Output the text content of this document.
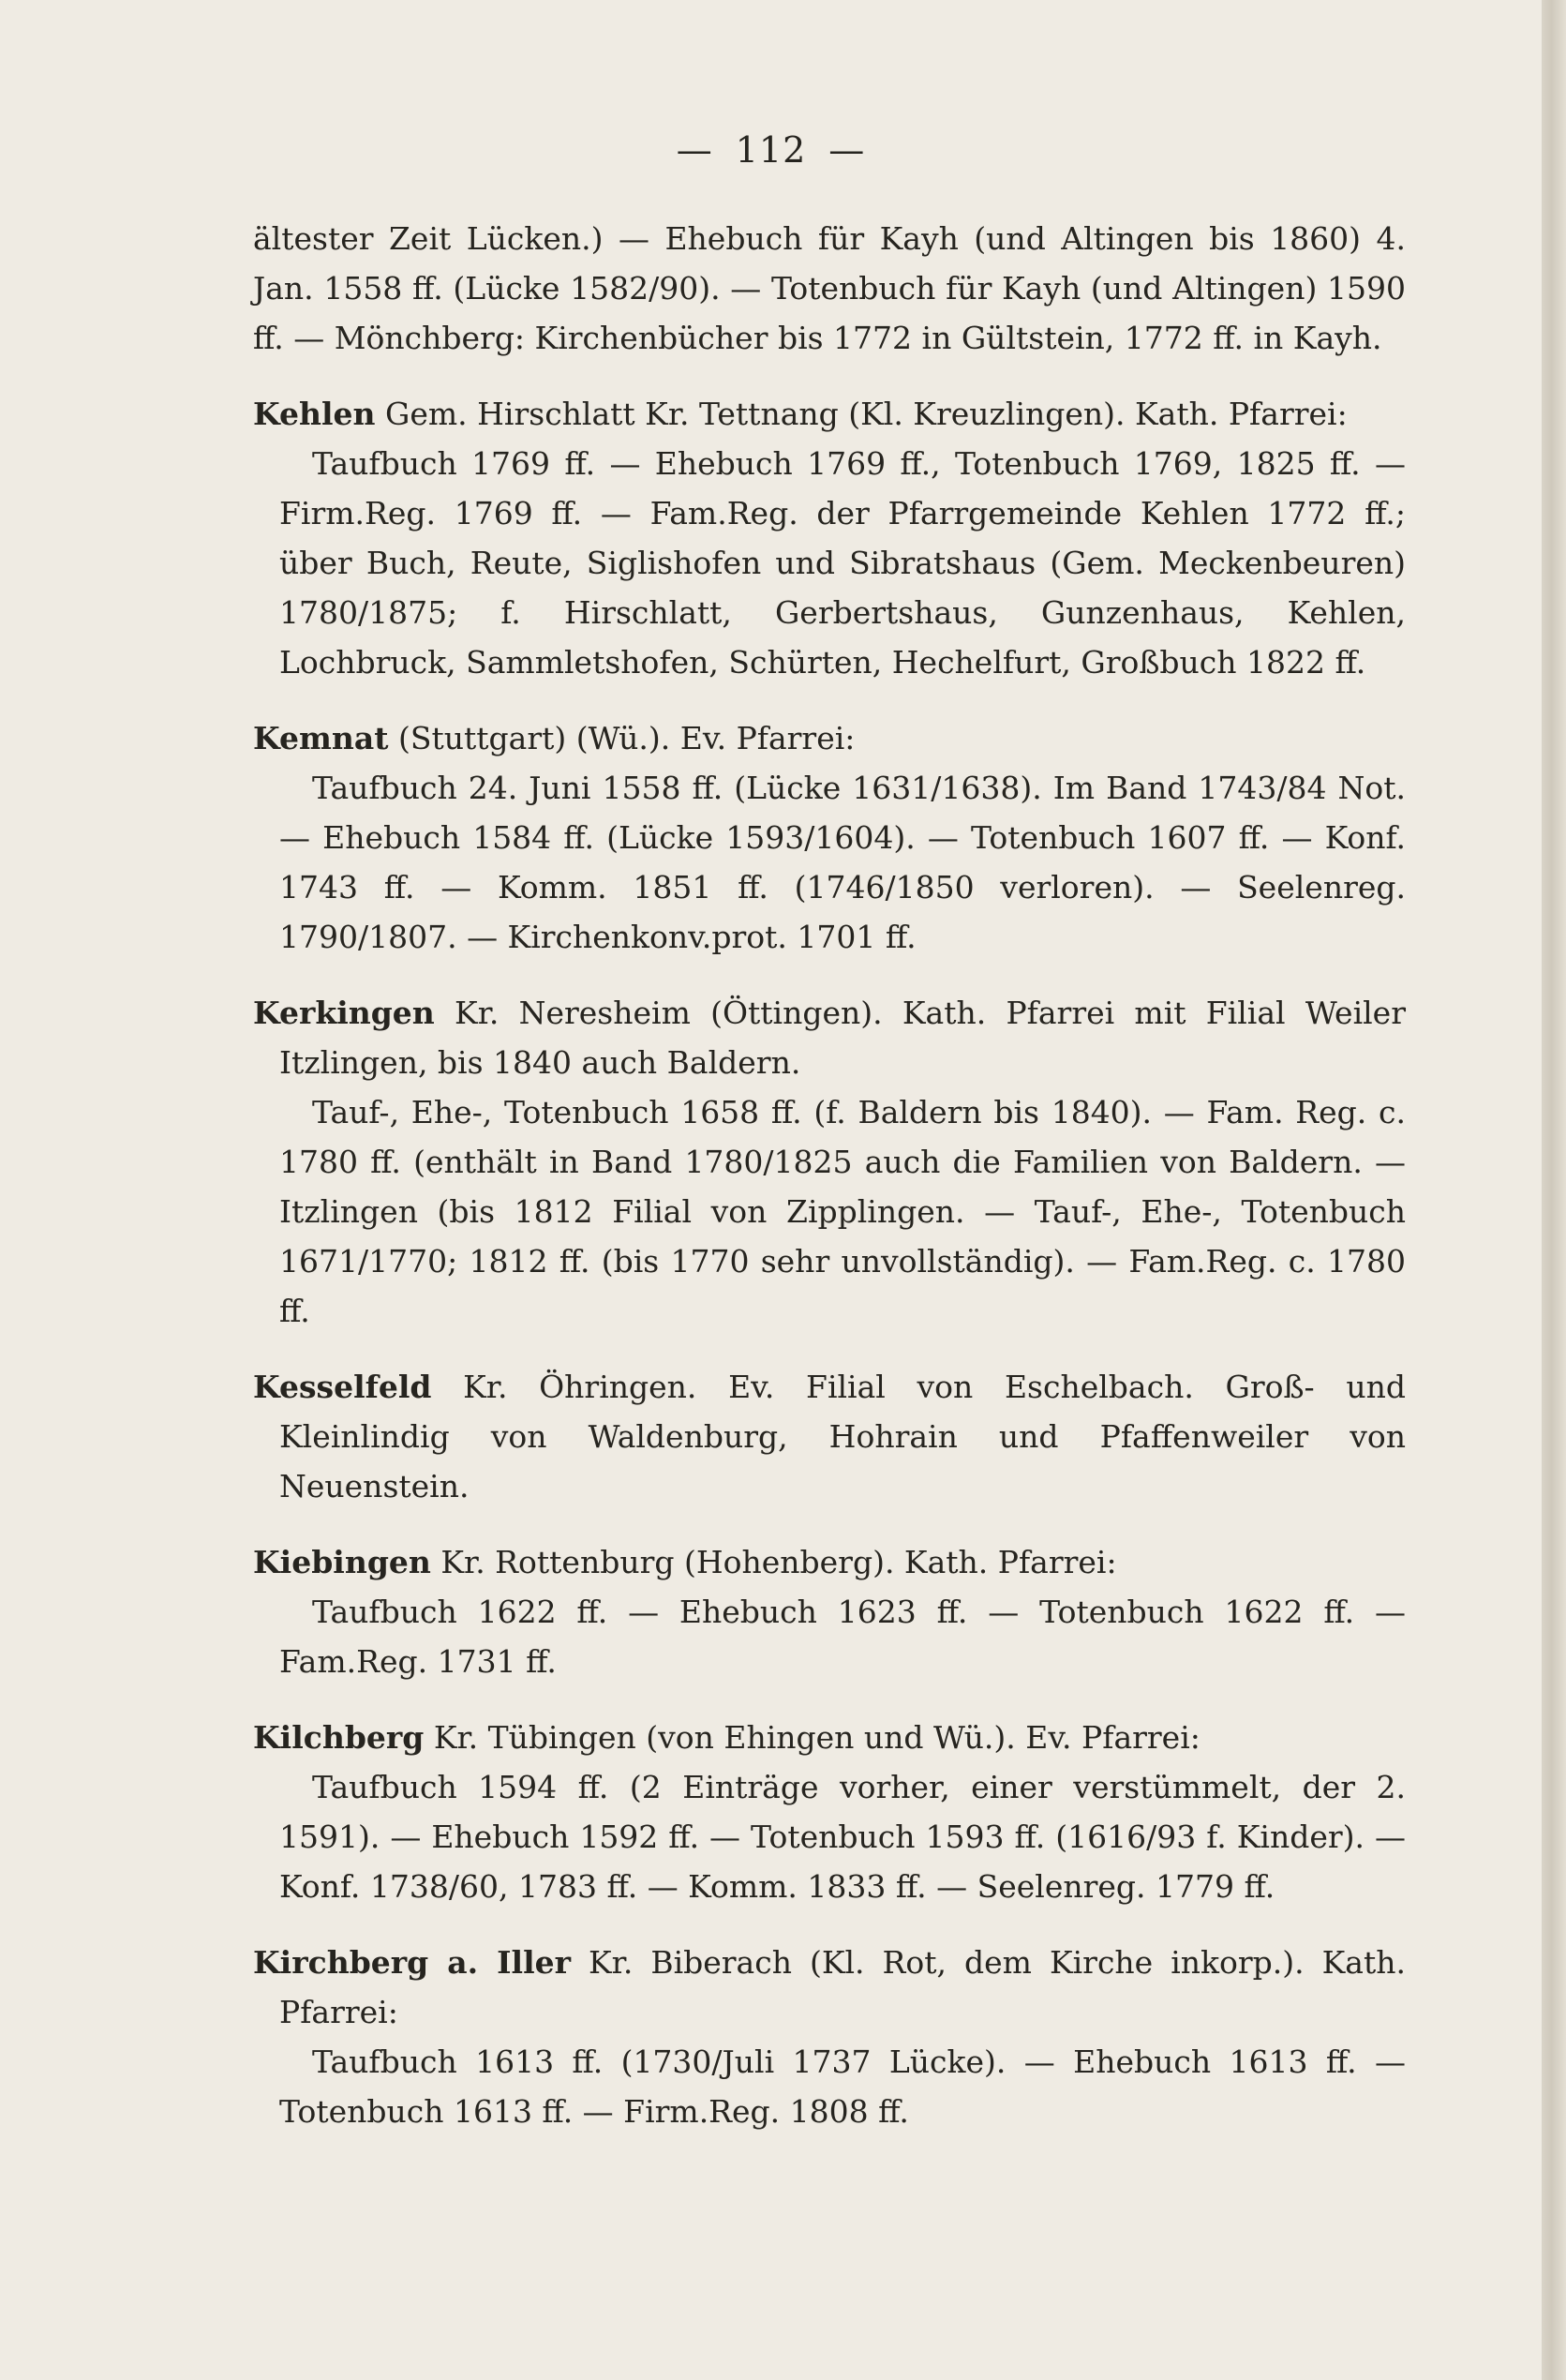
— 112 —

ältester Zeit Lücken.) — Ehebuch für Kayh (und Altingen bis 1860) 4. Jan. 1558 ff. (Lücke 1582/90). — Totenbuch für Kayh (und Altingen) 1590 ff. — Mönchberg: Kirchenbücher bis 1772 in Gültstein, 1772 ff. in Kayh.

Kehlen Gem. Hirschlatt Kr. Tettnang (Kl. Kreuzlingen). Kath. Pfarrei:
Taufbuch 1769 ff. — Ehebuch 1769 ff., Totenbuch 1769, 1825 ff. — Firm.Reg. 1769 ff. — Fam.Reg. der Pfarrgemeinde Kehlen 1772 ff.; über Buch, Reute, Siglishofen und Sibratshaus (Gem. Meckenbeuren) 1780/1875; f. Hirschlatt, Gerbertshaus, Gunzenhaus, Kehlen, Lochbruck, Sammletshofen, Schürten, Hechelfurt, Großbuch 1822 ff.

Kemnat (Stuttgart) (Wü.). Ev. Pfarrei:
Taufbuch 24. Juni 1558 ff. (Lücke 1631/1638). Im Band 1743/84 Not. — Ehebuch 1584 ff. (Lücke 1593/1604). — Totenbuch 1607 ff. — Konf. 1743 ff. — Komm. 1851 ff. (1746/1850 verloren). — Seelenreg. 1790/1807. — Kirchenkonv.prot. 1701 ff.

Kerkingen Kr. Neresheim (Öttingen). Kath. Pfarrei mit Filial Weiler Itzlingen, bis 1840 auch Baldern.
Tauf-, Ehe-, Totenbuch 1658 ff. (f. Baldern bis 1840). — Fam. Reg. c. 1780 ff. (enthält in Band 1780/1825 auch die Familien von Baldern. — Itzlingen (bis 1812 Filial von Zipplingen. — Tauf-, Ehe-, Totenbuch 1671/1770; 1812 ff. (bis 1770 sehr unvollständig). — Fam.Reg. c. 1780 ff.

Kesselfeld Kr. Öhringen. Ev. Filial von Eschelbach. Groß- und Kleinlindig von Waldenburg, Hohrain und Pfaffenweiler von Neuenstein.

Kiebingen Kr. Rottenburg (Hohenberg). Kath. Pfarrei:
Taufbuch 1622 ff. — Ehebuch 1623 ff. — Totenbuch 1622 ff. — Fam.Reg. 1731 ff.

Kilchberg Kr. Tübingen (von Ehingen und Wü.). Ev. Pfarrei:
Taufbuch 1594 ff. (2 Einträge vorher, einer verstümmelt, der 2. 1591). — Ehebuch 1592 ff. — Totenbuch 1593 ff. (1616/93 f. Kinder). — Konf. 1738/60, 1783 ff. — Komm. 1833 ff. — Seelenreg. 1779 ff.

Kirchberg a. Iller Kr. Biberach (Kl. Rot, dem Kirche inkorp.). Kath. Pfarrei:
Taufbuch 1613 ff. (1730/Juli 1737 Lücke). — Ehebuch 1613 ff. — Totenbuch 1613 ff. — Firm.Reg. 1808 ff.
